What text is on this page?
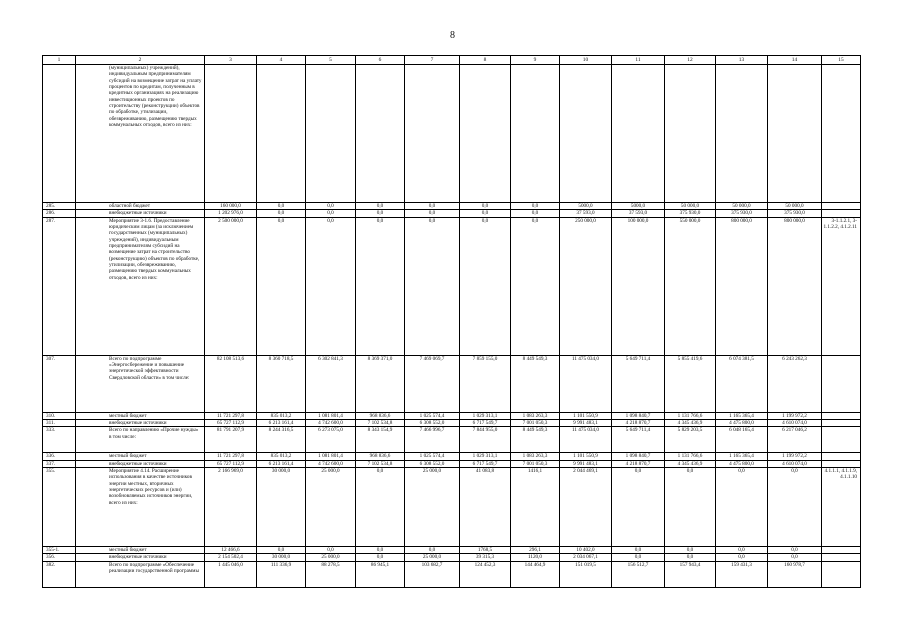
8
1	2	3	4	5	6	7	8	9	10	11	12	13	14	15
	(муниципальных) учреждений), индивидуальным предпринимателям субсидий на возмещение затрат на уплату процентов по кредитам, полученным в кредитных организациях на реализацию инвестиционных проектов по строительству (реконструкции) объектов по обработке, утилизации, обезвреживанию, размещению твердых коммунальных отходов, всего из них:													
285.	областной бюджет	160 000,0	0,0	0,0	0,0	0,0	0,0	0,0	5000,0	5000,0	50 000,0	50 000,0	50 000,0	
286.	внебюджетные источники	1 202 976,0	0,0	0,0	0,0	0,0	0,0	0,0	37 593,0	37 593,0	375 930,0	375 930,0	375 930,0	
287.	Мероприятие 3-1.6. Предоставление юридическим лицам (за исключением государственных (муниципальных) учреждений), индивидуальным предпринимателям субсидий на возмещение затрат на строительство (реконструкцию) объектов по обработке, утилизации, обезвреживанию, размещению твердых коммунальных отходов, всего из них:	2 500 000,0	0,0	0,0	0,0	0,0	0,0	0,0	250 000,0	100 000,0	550 000,0	800 000,0	800 000,0	3-1.1.2.1, 3-1.1.2.2, 4.1.2.11
307.	Всего по подпрограмме «Энергосбережение и повышение энергетической эффективности Свердловской области» в том числе:	82 108 513,6	8 360 718,5	6 302 841,3	8 369 371,0	7 469 069,7	7 859 155,0	8 449 549,3	11 475 034,0	5 649 711,4	5 855 419,6	6 074 381,5	6 243 262,3	
310.	местный бюджет	11 721 297,8	835 013,2	1 081 801,4	968 836,6	1 025 574,4	1 029 313,1	1 083 263,3	1 101 550,9	1 098 840,7	1 131 766,6	1 165 365,4	1 199 972,2	
311.	внебюджетные источники	65 727 112,9	6 213 161,4	4 742 600,0	7 102 534,8	6 308 552,0	6 717 549,7	7 001 050,3	9 991 483,1	4 218 870,7	4 345 436,9	4 475 800,0	4 610 074,0	
333.	Всего по направлению «Прочие нужды» в том числе:	81 791 207,9	8 244 316,5	6 273 075,0	8 343 154,9	7 466 996,7	7 844 955,0	8 449 549,3	11 475 034,0	5 649 711,4	5 829 203,5	6 048 165,4	6 217 046,2	
336.	местный бюджет	11 721 297,8	835 013,2	1 081 801,4	968 836,6	1 025 574,4	1 029 313,1	1 083 263,3	1 101 550,9	1 098 840,7	1 131 766,6	1 165 365,4	1 199 972,2	
337.	внебюджетные источники	65 727 112,9	6 213 161,4	4 742 600,0	7 102 534,8	6 308 552,0	6 717 549,7	7 001 050,3	9 991 483,1	4 218 870,7	4 345 436,9	4 475 800,0	4 610 074,0	
355.	Мероприятие 4.14. Расширение использования в качестве источников энергии местных, вторичных энергетических ресурсов и (или) возобновляемых источников энергии, всего из них:	2 166 969,0	30 000,0	25 000,0	0,0	25 000,0	41 083,8	1416,1	2 044 469,1	0,0	0,0	0,0	0,0	4.1.1.1, 4.1.1.9, 4.1.1.10
355-1.	местный бюджет	12 466,6	0,0	0,0	0,0	0,0	1768,5	296,1	10 402,0	0,0	0,0	0,0	0,0	
356.	внебюджетные источники	2 154 502,4	30 000,0	25 000,0	0,0	25 000,0	39 315,3	1120,0	2 034 067,1	0,0	0,0	0,0	0,0	
382.	Всего по подпрограмме «Обеспечение реализации государственной программы	1 445 046,0	111 336,9	88 278,5	86 945,1	103 682,7	124 452,3	144 464,9	151 019,5	156 512,7	157 943,4	159 431,3	160 978,7	
